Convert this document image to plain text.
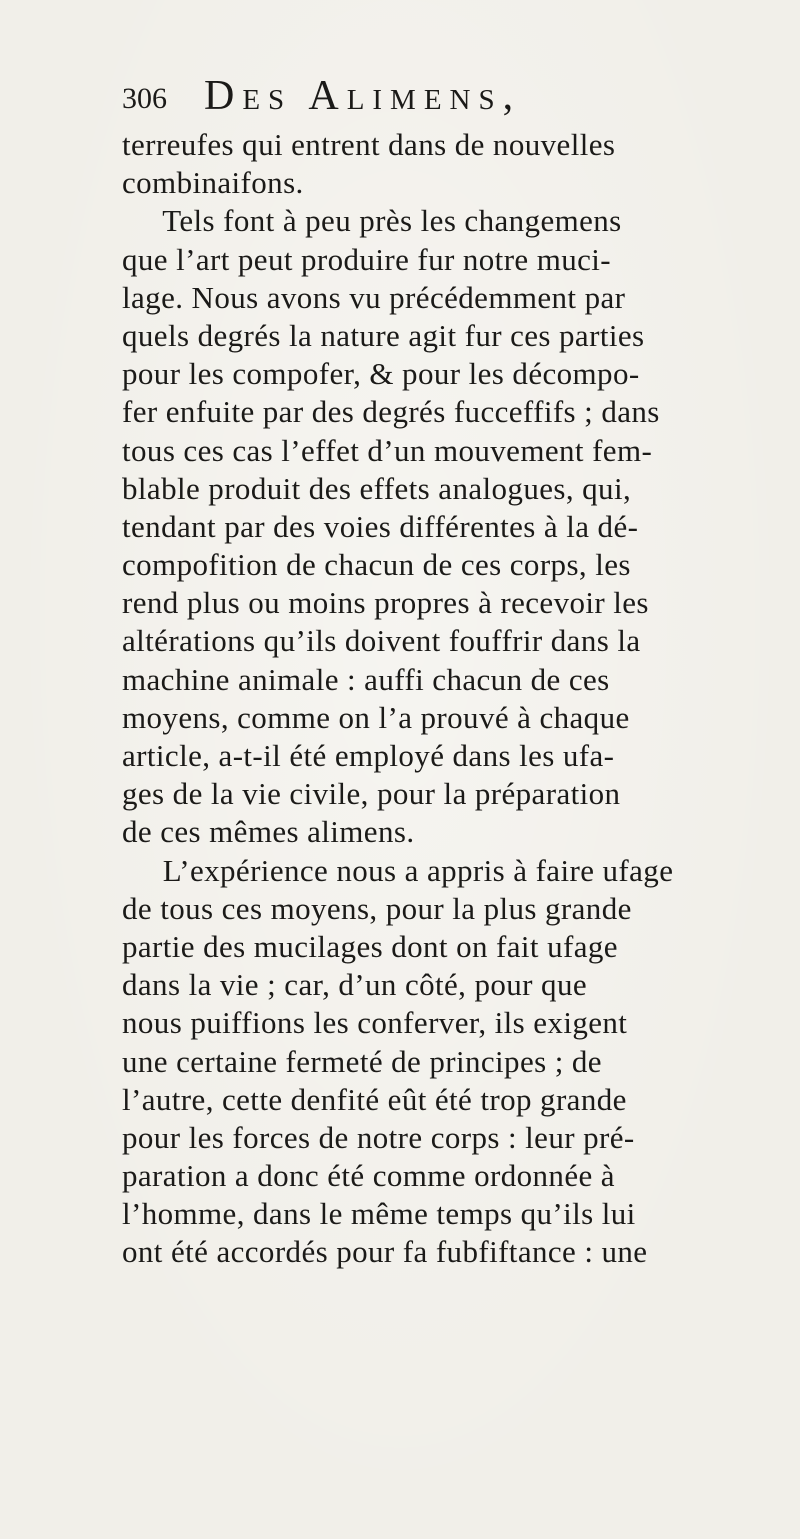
306 Des Alimens,
terreufes qui entrent dans de nouvelles
combinaifons.
Tels font à peu près les changemens
que l’art peut produire fur notre muci-
lage. Nous avons vu précédemment par
quels degrés la nature agit fur ces parties
pour les compofer, & pour les décompo-
fer enfuite par des degrés fucceffifs ; dans
tous ces cas l’effet d’un mouvement fem-
blable produit des effets analogues, qui,
tendant par des voies différentes à la dé-
compofition de chacun de ces corps, les
rend plus ou moins propres à recevoir les
altérations qu’ils doivent fouffrir dans la
machine animale : auffi chacun de ces
moyens, comme on l’a prouvé à chaque
article, a-t-il été employé dans les ufa-
ges de la vie civile, pour la préparation
de ces mêmes alimens.
L’expérience nous a appris à faire ufage
de tous ces moyens, pour la plus grande
partie des mucilages dont on fait ufage
dans la vie ; car, d’un côté, pour que
nous puiffions les conferver, ils exigent
une certaine fermeté de principes ; de
l’autre, cette denfité eût été trop grande
pour les forces de notre corps : leur pré-
paration a donc été comme ordonnée à
l’homme, dans le même temps qu’ils lui
ont été accordés pour fa fubfiftance : une
